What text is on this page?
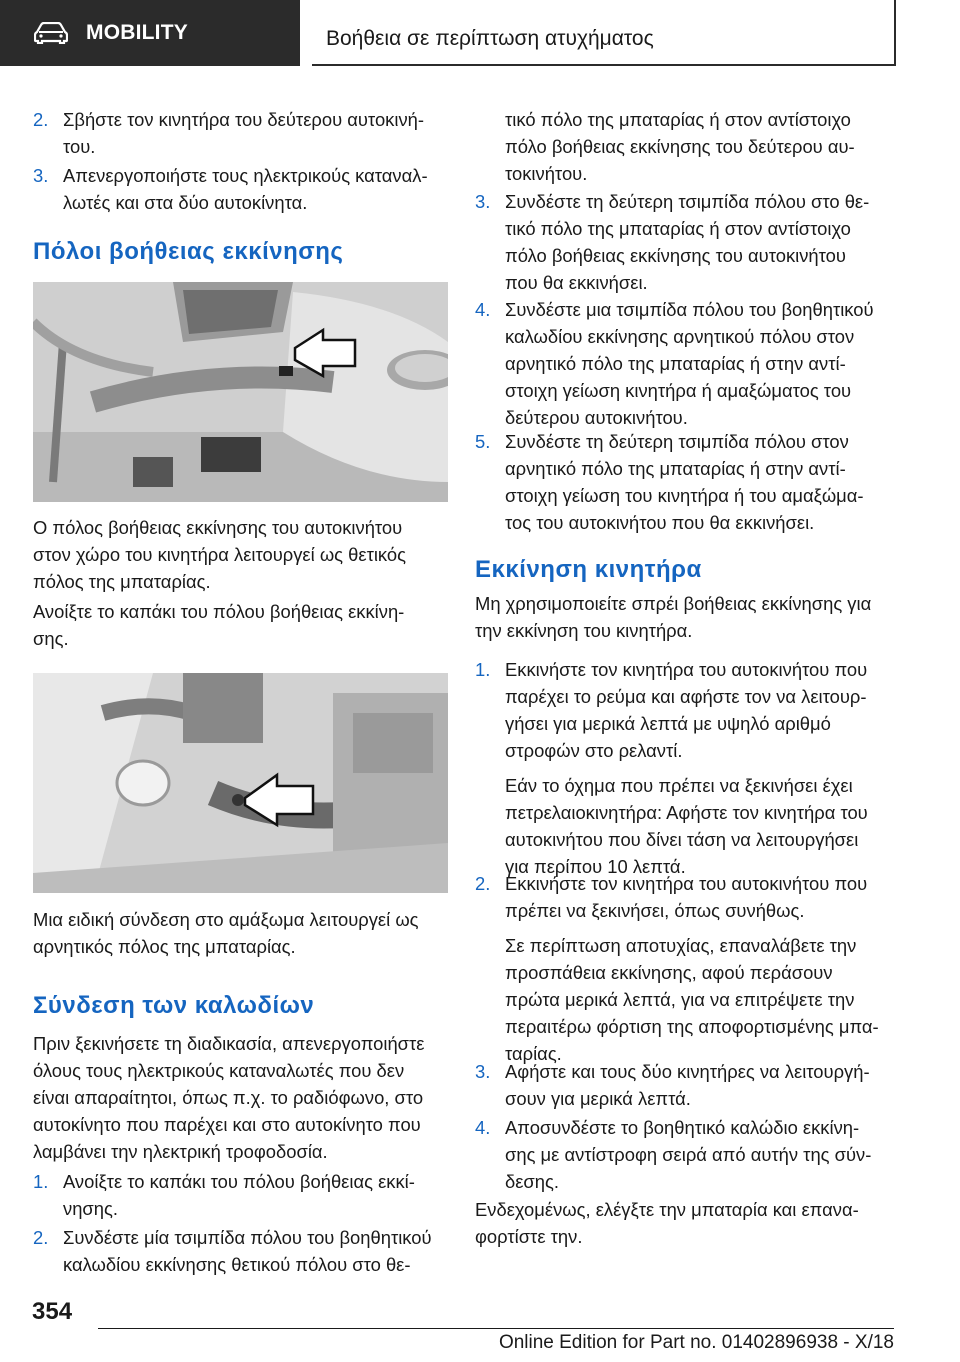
MOBILITY	Βοήθεια σε περίπτωση ατυχήματος
2. Σβήστε τον κινητήρα του δεύτερου αυτοκινή-
του.
3. Απενεργοποιήστε τους ηλεκτρικούς καταναλ-
λωτές και στα δύο αυτοκίνητα.
Πόλοι βοήθειας εκκίνησης
Ο πόλος βοήθειας εκκίνησης του αυτοκινήτου
στον χώρο του κινητήρα λειτουργεί ως θετικός
πόλος της μπαταρίας.
Ανοίξτε το καπάκι του πόλου βοήθειας εκκίνη-
σης.
Μια ειδική σύνδεση στο αμάξωμα λειτουργεί ως
αρνητικός πόλος της μπαταρίας.
Σύνδεση των καλωδίων
Πριν ξεκινήσετε τη διαδικασία, απενεργοποιήστε
όλους τους ηλεκτρικούς καταναλωτές που δεν
είναι απαραίτητοι, όπως π.χ. το ραδιόφωνο, στο
αυτοκίνητο που παρέχει και στο αυτοκίνητο που
λαμβάνει την ηλεκτρική τροφοδοσία.
1. Ανοίξτε το καπάκι του πόλου βοήθειας εκκί-
νησης.
2. Συνδέστε μία τσιμπίδα πόλου του βοηθητικού
καλωδίου εκκίνησης θετικού πόλου στο θε-
τικό πόλο της μπαταρίας ή στον αντίστοιχο
πόλο βοήθειας εκκίνησης του δεύτερου αυ-
τοκινήτου.
3. Συνδέστε τη δεύτερη τσιμπίδα πόλου στο θε-
τικό πόλο της μπαταρίας ή στον αντίστοιχο
πόλο βοήθειας εκκίνησης του αυτοκινήτου
που θα εκκινήσει.
4. Συνδέστε μια τσιμπίδα πόλου του βοηθητικού
καλωδίου εκκίνησης αρνητικού πόλου στον
αρνητικό πόλο της μπαταρίας ή στην αντί-
στοιχη γείωση κινητήρα ή αμαξώματος του
δεύτερου αυτοκινήτου.
5. Συνδέστε τη δεύτερη τσιμπίδα πόλου στον
αρνητικό πόλο της μπαταρίας ή στην αντί-
στοιχη γείωση του κινητήρα ή του αμαξώμα-
τος του αυτοκινήτου που θα εκκινήσει.
Εκκίνηση κινητήρα
Μη χρησιμοποιείτε σπρέι βοήθειας εκκίνησης για
την εκκίνηση του κινητήρα.
1. Εκκινήστε τον κινητήρα του αυτοκινήτου που
παρέχει το ρεύμα και αφήστε τον να λειτουρ-
γήσει για μερικά λεπτά με υψηλό αριθμό
στροφών στο ρελαντί.
Εάν το όχημα που πρέπει να ξεκινήσει έχει
πετρελαιοκινητήρα: Αφήστε τον κινητήρα του
αυτοκινήτου που δίνει τάση να λειτουργήσει
για περίπου 10 λεπτά.
2. Εκκινήστε τον κινητήρα του αυτοκινήτου που
πρέπει να ξεκινήσει, όπως συνήθως.
Σε περίπτωση αποτυχίας, επαναλάβετε την
προσπάθεια εκκίνησης, αφού περάσουν
πρώτα μερικά λεπτά, για να επιτρέψετε την
περαιτέρω φόρτιση της αποφορτισμένης μπα-
ταρίας.
3. Αφήστε και τους δύο κινητήρες να λειτουργή-
σουν για μερικά λεπτά.
4. Αποσυνδέστε το βοηθητικό καλώδιο εκκίνη-
σης με αντίστροφη σειρά από αυτήν της σύν-
δεσης.
Ενδεχομένως, ελέγξτε την μπαταρία και επανα-
φορτίστε την.
354
Online Edition for Part no. 01402896938 - X/18
